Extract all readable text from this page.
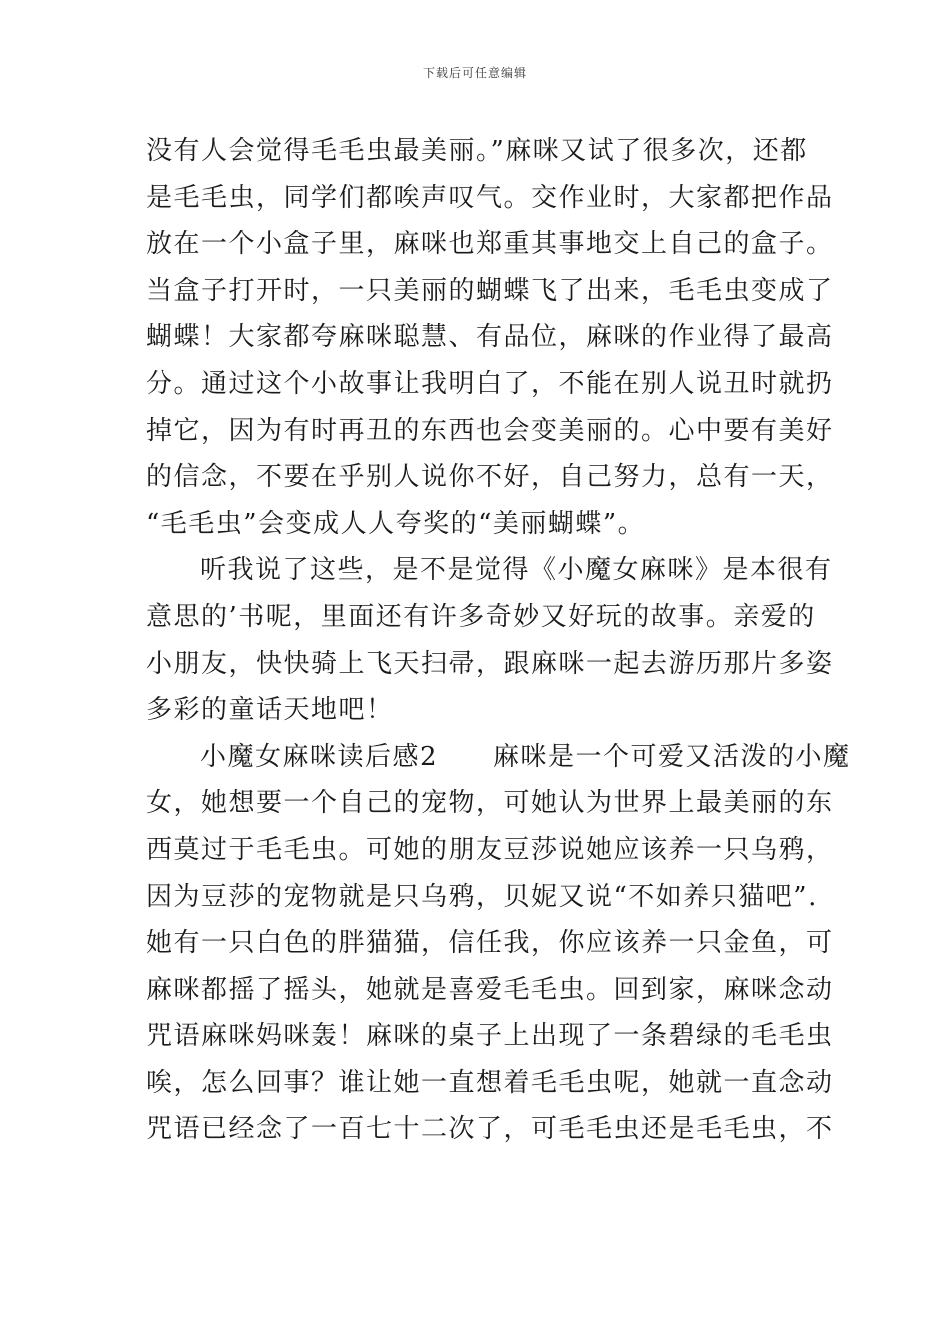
下载后可任意编辑
没有人会觉得毛毛虫最美丽。”麻咪又试了很多次，还都
是毛毛虫，同学们都唉声叹气。交作业时，大家都把作品
放在一个小盒子里，麻咪也郑重其事地交上自己的盒子。
当盒子打开时，一只美丽的蝴蝶飞了出来，毛毛虫变成了
蝴蝶！大家都夸麻咪聪慧、有品位，麻咪的作业得了最高
分。通过这个小故事让我明白了，不能在别人说丑时就扔
掉它，因为有时再丑的东西也会变美丽的。心中要有美好
的信念，不要在乎别人说你不好，自己努力，总有一天，
“毛毛虫”会变成人人夸奖的“美丽蝴蝶”。
听我说了这些，是不是觉得《小魔女麻咪》是本很有
意思的’书呢，里面还有许多奇妙又好玩的故事。亲爱的
小朋友，快快骑上飞天扫帚，跟麻咪一起去游历那片多姿
多彩的童话天地吧！
小魔女麻咪读后感2　　麻咪是一个可爱又活泼的小魔
女，她想要一个自己的宠物，可她认为世界上最美丽的东
西莫过于毛毛虫。可她的朋友豆莎说她应该养一只乌鸦，
因为豆莎的宠物就是只乌鸦，贝妮又说“不如养只猫吧”.
她有一只白色的胖猫猫，信任我，你应该养一只金鱼，可
麻咪都摇了摇头，她就是喜爱毛毛虫。回到家，麻咪念动
咒语麻咪妈咪轰！麻咪的桌子上出现了一条碧绿的毛毛虫
唉，怎么回事？谁让她一直想着毛毛虫呢，她就一直念动
咒语已经念了一百七十二次了，可毛毛虫还是毛毛虫，不
